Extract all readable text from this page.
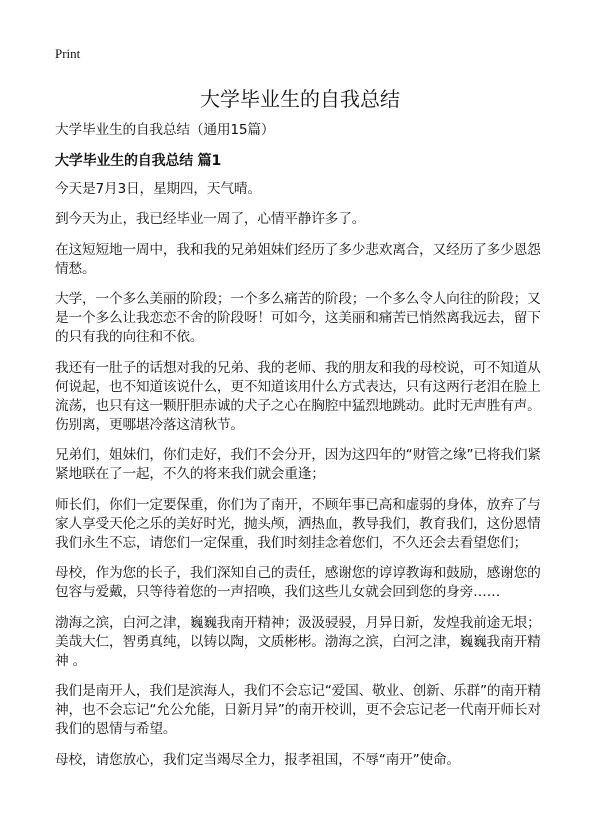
Print
大学毕业生的自我总结

大学毕业生的自我总结（通用15篇）

大学毕业生的自我总结 篇1

今天是7月3日，星期四，天气晴。

到今天为止，我已经毕业一周了，心情平静许多了。

在这短短地一周中，我和我的兄弟姐妹们经历了多少悲欢离合，又经历了多少恩怨情愁。

大学，一个多么美丽的阶段；一个多么痛苦的阶段；一个多么令人向往的阶段；又是一个多么让我恋恋不舍的阶段呀！可如今，这美丽和痛苦已悄然离我远去，留下的只有我的向往和不依。

我还有一肚子的话想对我的兄弟、我的老师、我的朋友和我的母校说，可不知道从何说起，也不知道该说什么，更不知道该用什么方式表达，只有这两行老泪在脸上流荡，也只有这一颗肝胆赤诚的犬子之心在胸腔中猛烈地跳动。此时无声胜有声。伤别离，更哪堪冷落这清秋节。

兄弟们，姐妹们，你们走好，我们不会分开，因为这四年的“财管之缘”已将我们紧紧地联在了一起，不久的将来我们就会重逢；

师长们，你们一定要保重，你们为了南开，不顾年事已高和虚弱的身体，放弃了与家人享受天伦之乐的美好时光，抛头颅，洒热血，教导我们，教育我们，这份恩情我们永生不忘，请您们一定保重，我们时刻挂念着您们，不久还会去看望您们；

母校，作为您的长子，我们深知自己的责任，感谢您的谆谆教诲和鼓励，感谢您的包容与爱戴，只等待着您的一声招唤，我们这些儿女就会回到您的身旁……

渤海之滨，白河之津，巍巍我南开精神；汲汲骎骎，月异日新，发煌我前途无垠；美哉大仁，智勇真纯，以铸以陶，文质彬彬。渤海之滨，白河之津，巍巍我南开精神 。

我们是南开人，我们是滨海人，我们不会忘记“爱国、敬业、创新、乐群”的南开精神，也不会忘记“允公允能，日新月异”的南开校训，更不会忘记老一代南开师长对我们的恩情与希望。

母校，请您放心，我们定当竭尽全力，报孝祖国，不辱“南开”使命。
